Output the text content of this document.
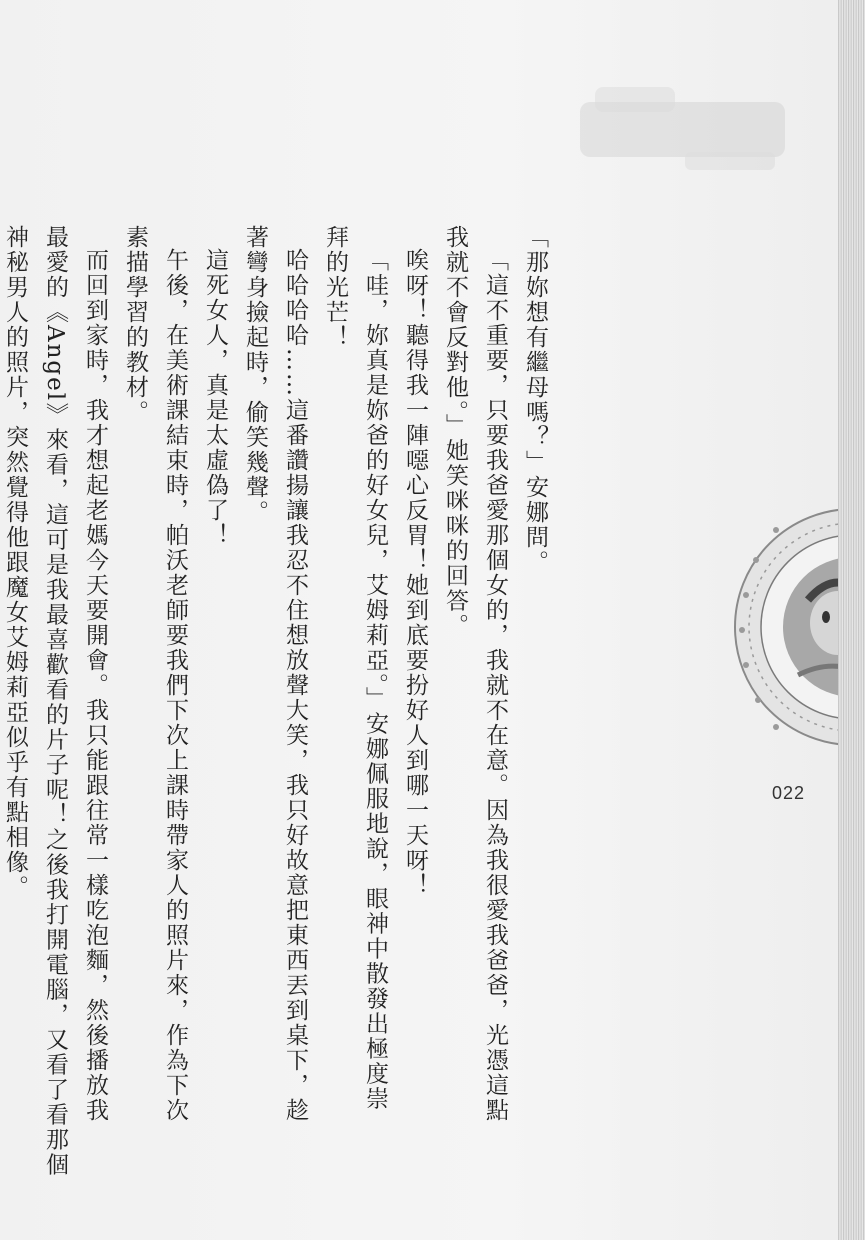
「那妳想有繼母嗎？」安娜問。

「這不重要，只要我爸愛那個女的，我就不在意。因為我很愛我爸爸，光憑這點

我就不會反對他。」她笑咪咪的回答。

唉呀！聽得我一陣噁心反胃！她到底要扮好人到哪一天呀！

「哇，妳真是妳爸的好女兒，艾姆莉亞。」安娜佩服地說，眼神中散發出極度崇

拜的光芒！

哈哈哈哈……這番讚揚讓我忍不住想放聲大笑，我只好故意把東西丟到桌下，趁

著彎身撿起時，偷笑幾聲。

這死女人，真是太虛偽了！

午後，在美術課結束時，帕沃老師要我們下次上課時帶家人的照片來，作為下次

素描學習的教材。

而回到家時，我才想起老媽今天要開會。我只能跟往常一樣吃泡麵，然後播放我

最愛的《Angel》來看，這可是我最喜歡看的片子呢！之後我打開電腦，又看了看那個

神秘男人的照片，突然覺得他跟魔女艾姆莉亞似乎有點相像。	022
